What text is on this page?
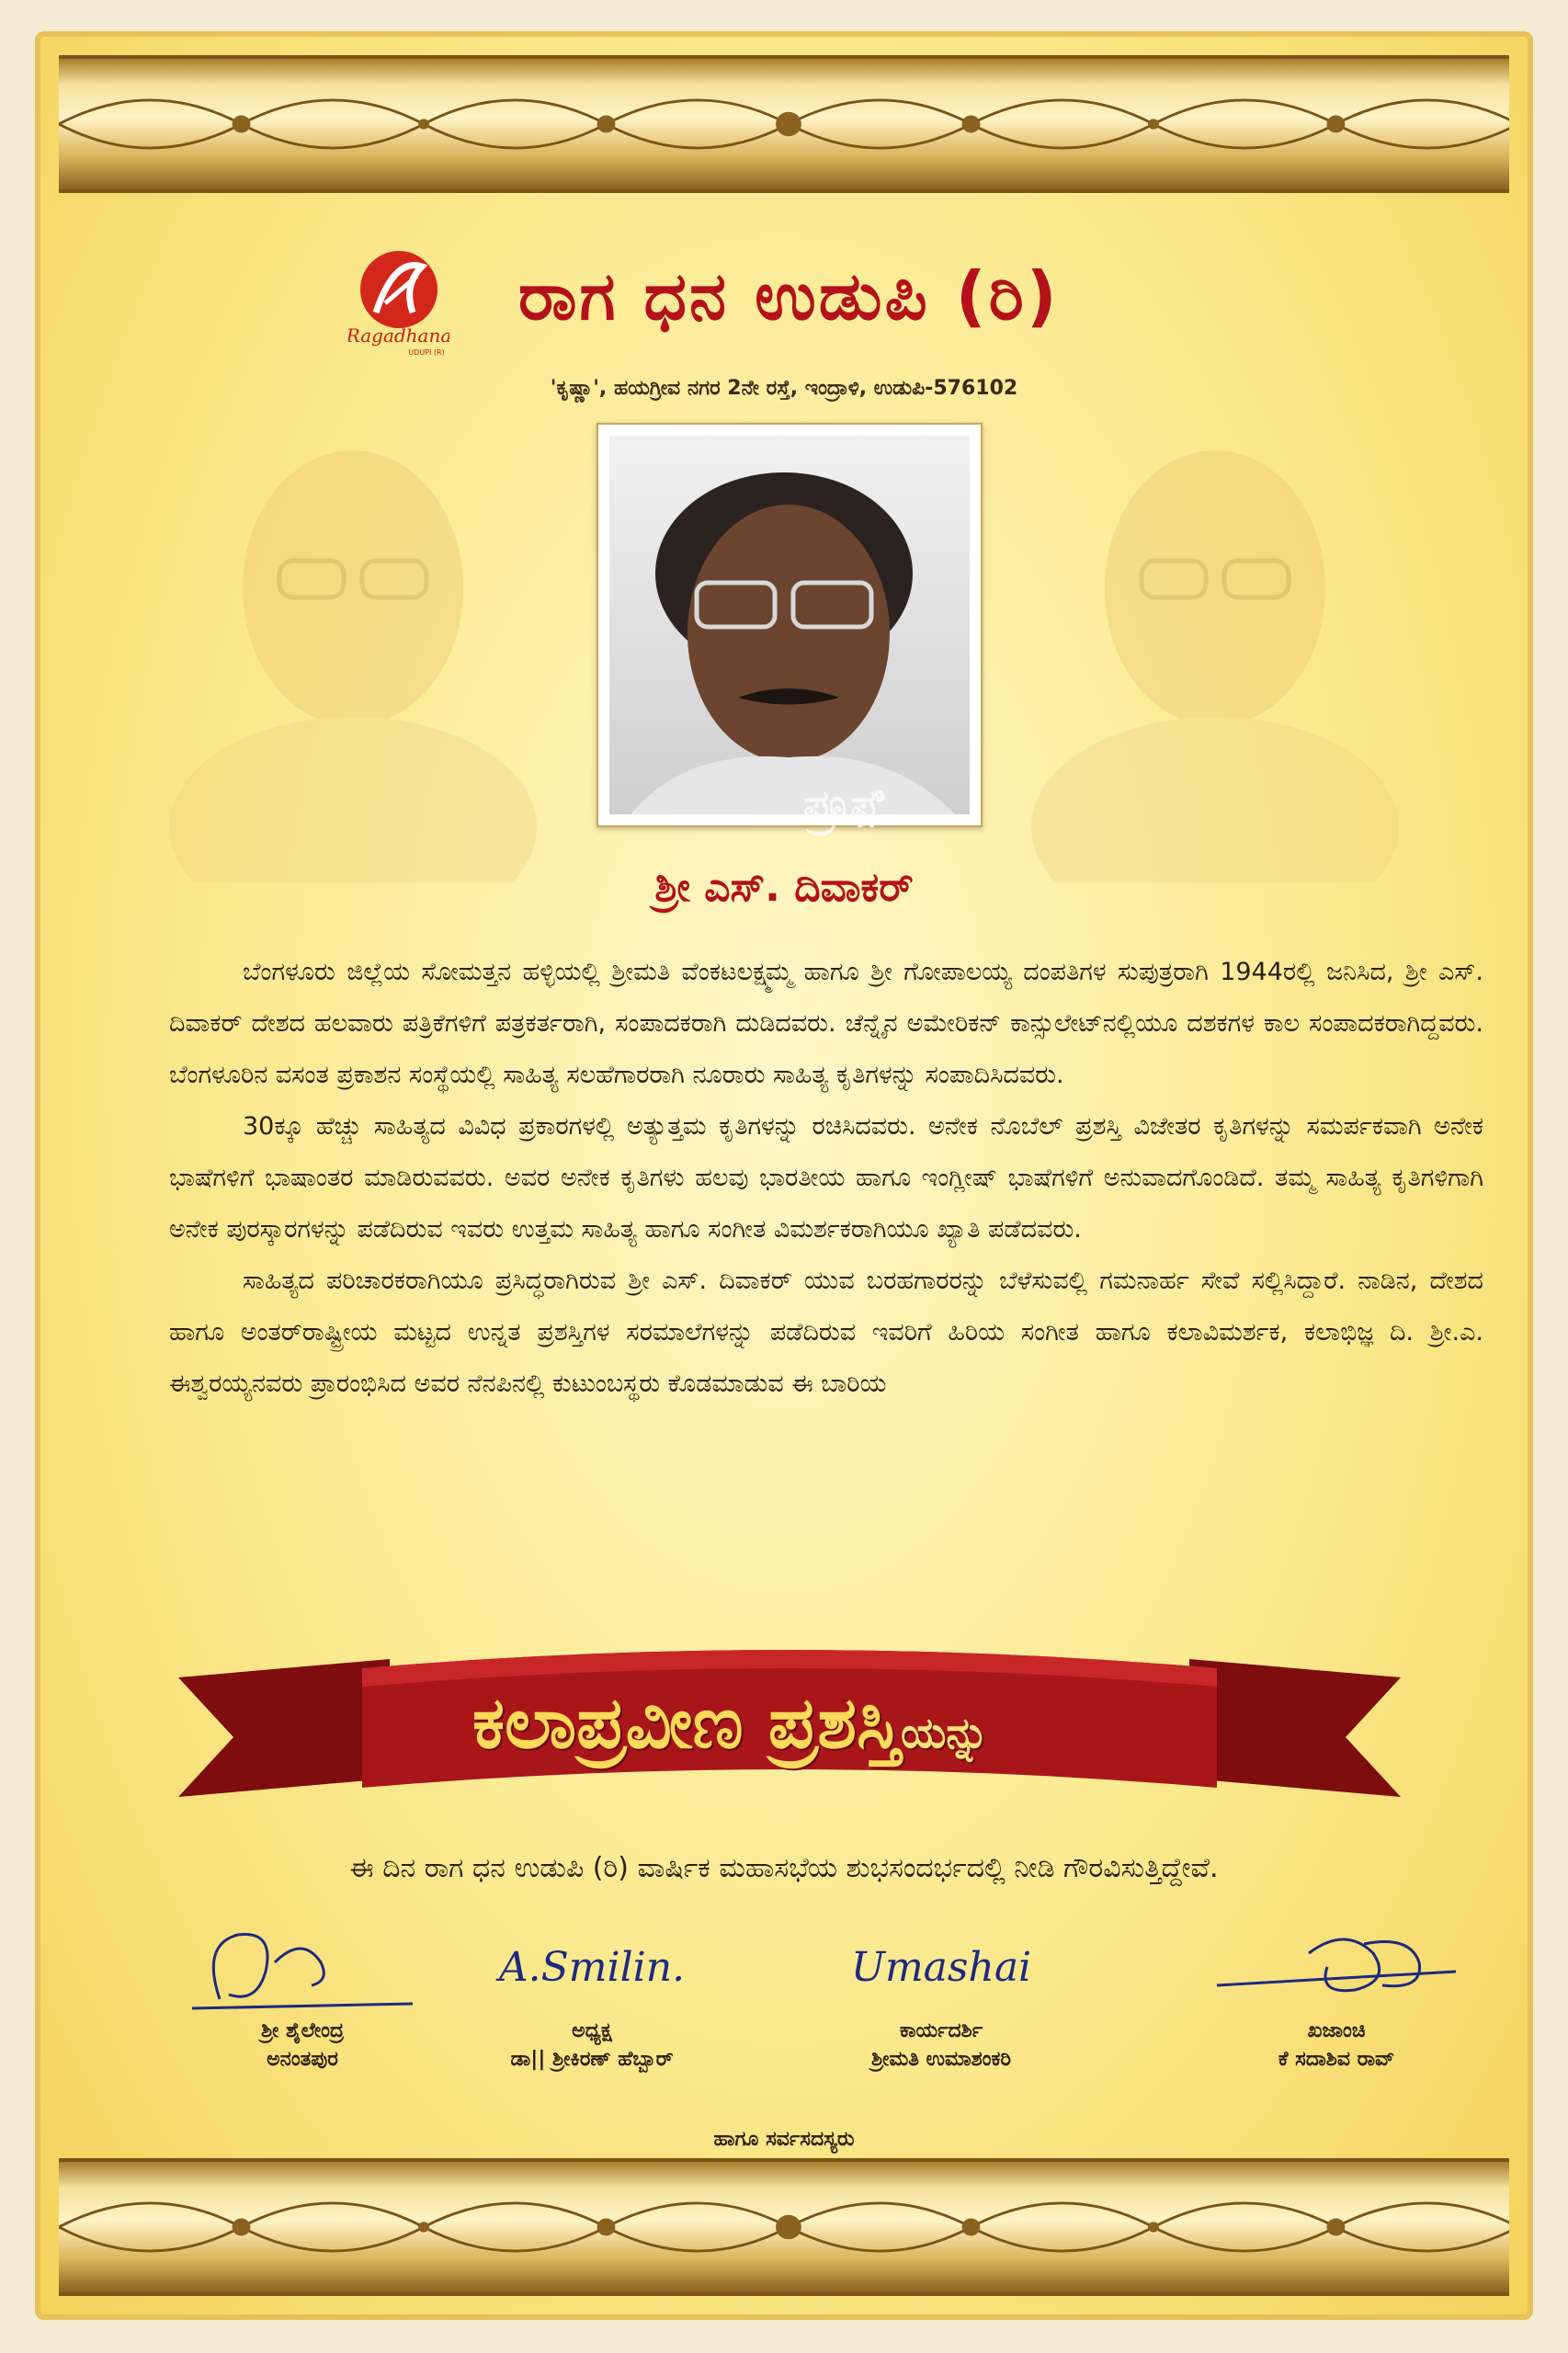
Ragadhana
UDUPI (R)
ರಾಗ ಧನ ಉಡುಪಿ (ರಿ)
'ಕೃಷ್ಣಾ', ಹಯಗ್ರೀವ ನಗರ 2ನೇ ರಸ್ತೆ, ಇಂದ್ರಾಳಿ, ಉಡುಪಿ-576102
ಪ್ರೂಫ಼ಿ
ಶ್ರೀ ಎಸ್. ದಿವಾಕರ್

ಬೆಂಗಳೂರು ಜಿಲ್ಲೆಯ ಸೋಮತ್ತನ ಹಳ್ಳಿಯಲ್ಲಿ ಶ್ರೀಮತಿ ವೆಂಕಟಲಕ್ಷ್ಮಮ್ಮ ಹಾಗೂ ಶ್ರೀ ಗೋಪಾಲಯ್ಯ ದಂಪತಿಗಳ ಸುಪುತ್ರರಾಗಿ 1944ರಲ್ಲಿ ಜನಿಸಿದ, ಶ್ರೀ ಎಸ್. ದಿವಾಕರ್ ದೇಶದ ಹಲವಾರು ಪತ್ರಿಕೆಗಳಿಗೆ ಪತ್ರಕರ್ತರಾಗಿ, ಸಂಪಾದಕರಾಗಿ ದುಡಿದವರು. ಚೆನ್ನೈನ ಅಮೇರಿಕನ್ ಕಾನ್ಸುಲೇಟ್‌ನಲ್ಲಿಯೂ ದಶಕಗಳ ಕಾಲ ಸಂಪಾದಕರಾಗಿದ್ದವರು. ಬೆಂಗಳೂರಿನ ವಸಂತ ಪ್ರಕಾಶನ ಸಂಸ್ಥೆಯಲ್ಲಿ ಸಾಹಿತ್ಯ ಸಲಹೆಗಾರರಾಗಿ ನೂರಾರು ಸಾಹಿತ್ಯ ಕೃತಿಗಳನ್ನು ಸಂಪಾದಿಸಿದವರು.

30ಕ್ಕೂ ಹೆಚ್ಚು ಸಾಹಿತ್ಯದ ವಿವಿಧ ಪ್ರಕಾರಗಳಲ್ಲಿ ಅತ್ಯುತ್ತಮ ಕೃತಿಗಳನ್ನು ರಚಿಸಿದವರು. ಅನೇಕ ನೊಬೆಲ್ ಪ್ರಶಸ್ತಿ ವಿಜೇತರ ಕೃತಿಗಳನ್ನು ಸಮರ್ಪಕವಾಗಿ ಅನೇಕ ಭಾಷೆಗಳಿಗೆ ಭಾಷಾಂತರ ಮಾಡಿರುವವರು. ಅವರ ಅನೇಕ ಕೃತಿಗಳು ಹಲವು ಭಾರತೀಯ ಹಾಗೂ ಇಂಗ್ಲೀಷ್ ಭಾಷೆಗಳಿಗೆ ಅನುವಾದಗೊಂಡಿದೆ. ತಮ್ಮ ಸಾಹಿತ್ಯ ಕೃತಿಗಳಿಗಾಗಿ ಅನೇಕ ಪುರಸ್ಕಾರಗಳನ್ನು ಪಡೆದಿರುವ ಇವರು ಉತ್ತಮ ಸಾಹಿತ್ಯ ಹಾಗೂ ಸಂಗೀತ ವಿಮರ್ಶಕರಾಗಿಯೂ ಖ್ಯಾತಿ ಪಡೆದವರು.

ಸಾಹಿತ್ಯದ ಪರಿಚಾರಕರಾಗಿಯೂ ಪ್ರಸಿದ್ಧರಾಗಿರುವ ಶ್ರೀ ಎಸ್. ದಿವಾಕರ್ ಯುವ ಬರಹಗಾರರನ್ನು ಬೆಳೆಸುವಲ್ಲಿ ಗಮನಾರ್ಹ ಸೇವೆ ಸಲ್ಲಿಸಿದ್ದಾರೆ. ನಾಡಿನ, ದೇಶದ ಹಾಗೂ ಅಂತರ್‌ರಾಷ್ಟ್ರೀಯ ಮಟ್ಟದ ಉನ್ನತ ಪ್ರಶಸ್ತಿಗಳ ಸರಮಾಲೆಗಳನ್ನು ಪಡೆದಿರುವ ಇವರಿಗೆ ಹಿರಿಯ ಸಂಗೀತ ಹಾಗೂ ಕಲಾವಿಮರ್ಶಕ, ಕಲಾಭಿಜ್ಞ ದಿ. ಶ್ರೀ.ಎ. ಈಶ್ವರಯ್ಯನವರು ಪ್ರಾರಂಭಿಸಿದ ಅವರ ನೆನಪಿನಲ್ಲಿ ಕುಟುಂಬಸ್ಥರು ಕೊಡಮಾಡುವ ಈ ಬಾರಿಯ

ಕಲಾಪ್ರವೀಣ ಪ್ರಶಸ್ತಿಯನ್ನು
ಈ ದಿನ ರಾಗ ಧನ ಉಡುಪಿ (ರಿ) ವಾರ್ಷಿಕ ಮಹಾಸಭೆಯ ಶುಭಸಂದರ್ಭದಲ್ಲಿ ನೀಡಿ ಗೌರವಿಸುತ್ತಿದ್ದೇವೆ.
ಶ್ರೀ ಶೈಲೇಂದ್ರ
ಅನಂತಪುರ
A.Smilin.
ಅಧ್ಯಕ್ಷ
ಡಾ|| ಶ್ರೀಕಿರಣ್ ಹೆಬ್ಬಾರ್
Umashai
ಕಾರ್ಯದರ್ಶಿ
ಶ್ರೀಮತಿ ಉಮಾಶಂಕರಿ
ಖಜಾಂಚಿ
ಕೆ ಸದಾಶಿವ ರಾವ್
ಹಾಗೂ ಸರ್ವಸದಸ್ಯರು
